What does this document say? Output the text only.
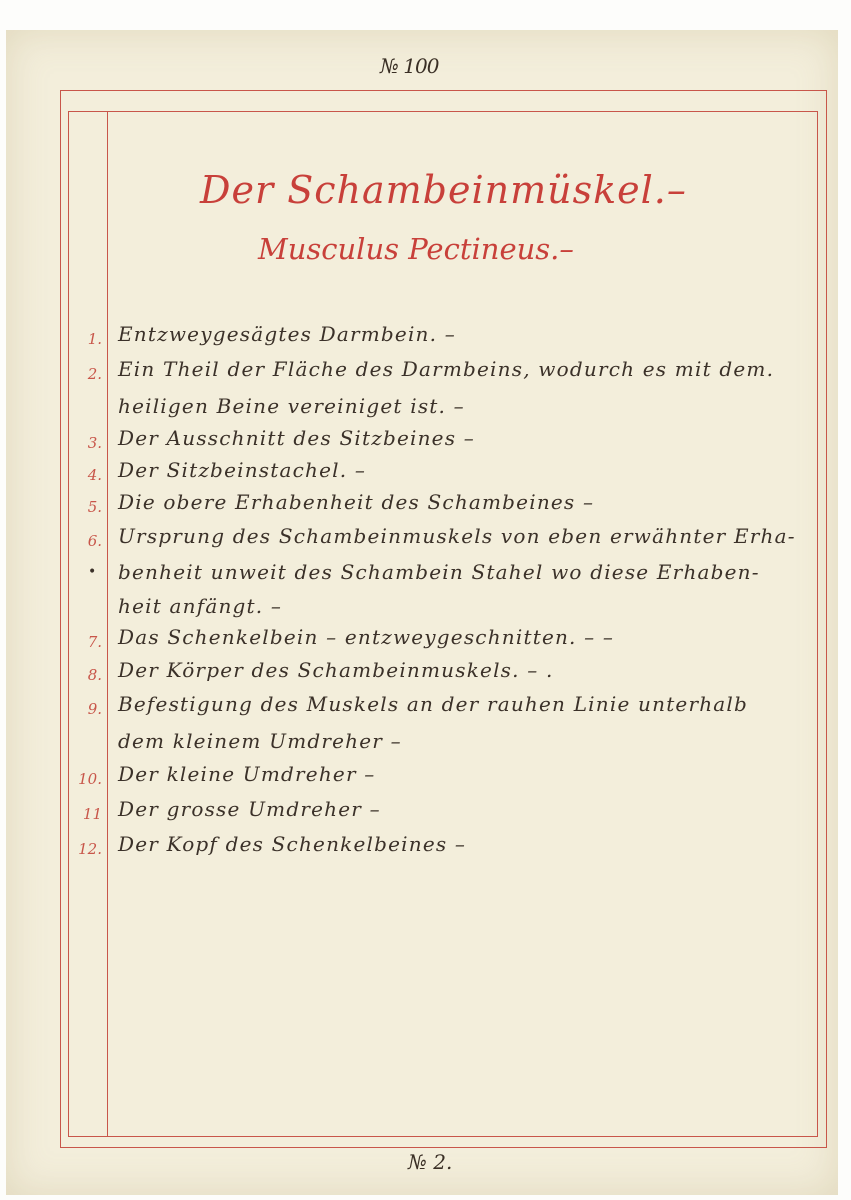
№ 100
Der Schambeinmüskel.–
Musculus Pectineus.–
1. Entzweygesägtes Darmbein. –
2. Ein Theil der Fläche des Darmbeins, wodurch es mit dem.
heiligen Beine vereiniget ist. –
3. Der Ausschnitt des Sitzbeines –
4. Der Sitzbeinstachel. –
5. Die obere Erhabenheit des Schambeines –
6. Ursprung des Schambeinmuskels von eben erwähnter Erha-
• benheit unweit des Schambein Stahel wo diese Erhaben-
heit anfängt. –
7. Das Schenkelbein – entzweygeschnitten. – –
8. Der Körper des Schambeinmuskels. – .
9. Befestigung des Muskels an der rauhen Linie unterhalb
dem kleinem Umdreher –
10. Der kleine Umdreher –
11 Der grosse Umdreher –
12. Der Kopf des Schenkelbeines –
№ 2.
